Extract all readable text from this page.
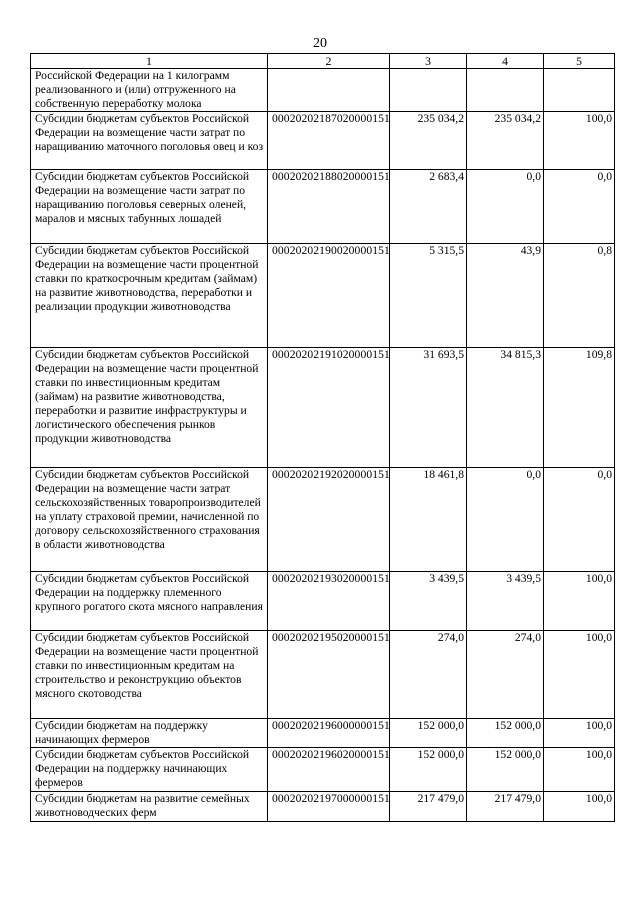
20
1	2	3	4	5
Российской Федерации на 1 килограмм реализованного и (или) отгруженного на собственную переработку молока				
Субсидии бюджетам субъектов Российской Федерации на возмещение части затрат по наращиванию маточного поголовья овец и коз	00020202187020000151	235 034,2	235 034,2	100,0
Субсидии бюджетам субъектов Российской Федерации на возмещение части затрат по наращиванию поголовья северных оленей, маралов и мясных табунных лошадей	00020202188020000151	2 683,4	0,0	0,0
Субсидии бюджетам субъектов Российской Федерации на возмещение части процентной ставки по краткосрочным кредитам (займам) на развитие животноводства, переработки и реализации продукции животноводства	00020202190020000151	5 315,5	43,9	0,8
Субсидии бюджетам субъектов Российской Федерации на возмещение части процентной ставки по инвестиционным кредитам (займам) на развитие животноводства, переработки и развитие инфраструктуры и логистического обеспечения рынков продукции животноводства	00020202191020000151	31 693,5	34 815,3	109,8
Субсидии бюджетам субъектов Российской Федерации на возмещение части затрат сельскохозяйственных товаропроизводителей на уплату страховой премии, начисленной по договору сельскохозяйственного страхования в области животноводства	00020202192020000151	18 461,8	0,0	0,0
Субсидии бюджетам субъектов Российской Федерации на поддержку племенного крупного рогатого скота мясного направления	00020202193020000151	3 439,5	3 439,5	100,0
Субсидии бюджетам субъектов Российской Федерации на возмещение части процентной ставки по инвестиционным кредитам на строительство и реконструкцию объектов мясного скотоводства	00020202195020000151	274,0	274,0	100,0
Субсидии бюджетам на поддержку начинающих фермеров	00020202196000000151	152 000,0	152 000,0	100,0
Субсидии бюджетам субъектов Российской Федерации на поддержку начинающих фермеров	00020202196020000151	152 000,0	152 000,0	100,0
Субсидии бюджетам на развитие семейных животноводческих ферм	00020202197000000151	217 479,0	217 479,0	100,0
